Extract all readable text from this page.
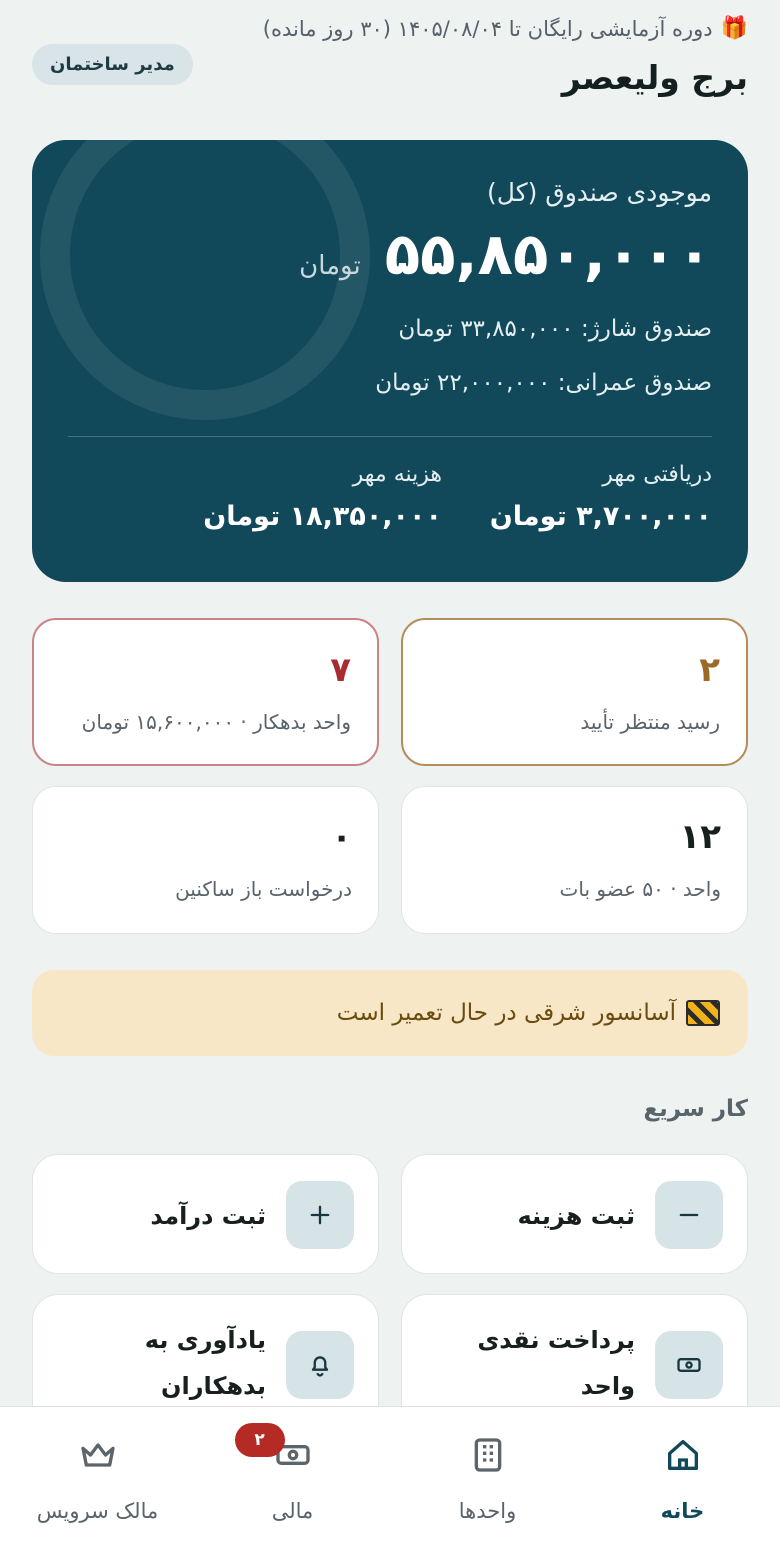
🎁
دوره آزمایشی رایگان تا ۱۴۰۵/۰۸/۰۴ (۳۰ روز مانده)
برج ولیعصر
مدیر ساختمان
موجودی صندوق (کل)
۵۵,۸۵۰,۰۰۰
تومان
صندوق شارژ: ۳۳,۸۵۰,۰۰۰ تومان
صندوق عمرانی: ۲۲,۰۰۰,۰۰۰ تومان
دریافتی مهر
۳,۷۰۰,۰۰۰ تومان
هزینه مهر
۱۸,۳۵۰,۰۰۰ تومان
۲
رسید منتظر تأیید
۷
واحد بدهکار · ۱۵,۶۰۰,۰۰۰ تومان
۱۲
واحد · ۵۰ عضو بات
۰
درخواست باز ساکنین
آسانسور شرقی در حال تعمیر است
کار سریع
ثبت هزینه
ثبت درآمد
پرداخت نقدی واحد
یادآوری به بدهکاران
خانه
واحدها
۲
مالی
مالک سرویس
